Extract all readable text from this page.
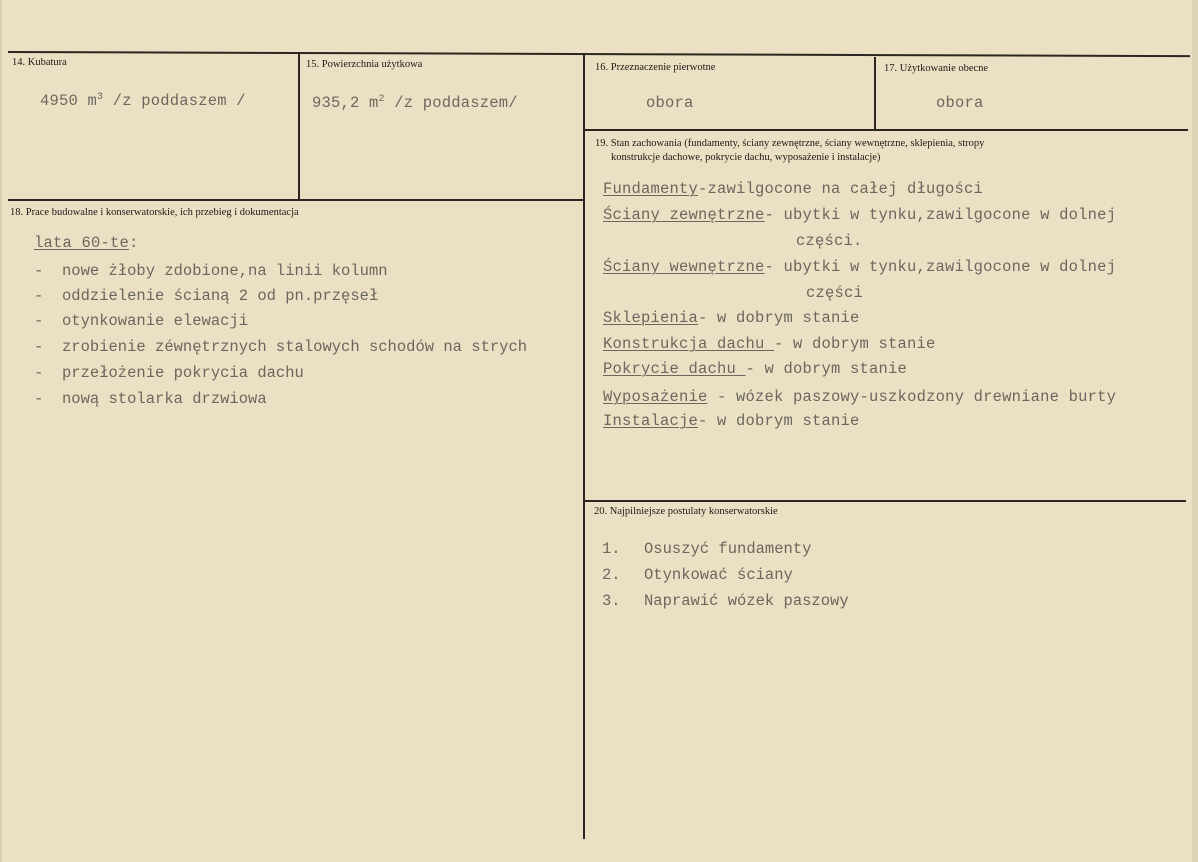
14. Kubatura
4950 $m^3$ /z poddaszem /
15. Powierzchnia użytkowa
935,2 $m^2$ /z poddaszem/
16. Przeznaczenie pierwotne
obora
17. Użytkowanie obecne
obora
18. Prace budowalne i konserwatorskie, ich przebieg i dokumentacja
lata 60-te:
- nowe żłoby zdobione,na linii kolumn
- oddzielenie ścianą 2 od pn.przęseł
- otynkowanie elewacji
- zrobienie zéwnętrznych stalowych schodów na strych
- przełożenie pokrycia dachu
- nową stolarka drzwiowa
19. Stan zachowania (fundamenty, ściany zewnętrzne, ściany wewnętrzne, sklepienia, stropy
konstrukcje dachowe, pokrycie dachu, wyposażenie i instalacje)
Fundamenty-zawilgocone na całej długości
Ściany zewnętrzne- ubytki w tynku,zawilgocone w dolnej
części.
Ściany wewnętrzne- ubytki w tynku,zawilgocone w dolnej
części
Sklepienia- w dobrym stanie
Konstrukcja dachu - w dobrym stanie
Pokrycie dachu - w dobrym stanie
Wyposażenie - wózek paszowy-uszkodzony drewniane burty
Instalacje- w dobrym stanie
20. Najpilniejsze postulaty konserwatorskie
1. Osuszyć fundamenty
2. Otynkować ściany
3. Naprawić wózek paszowy
